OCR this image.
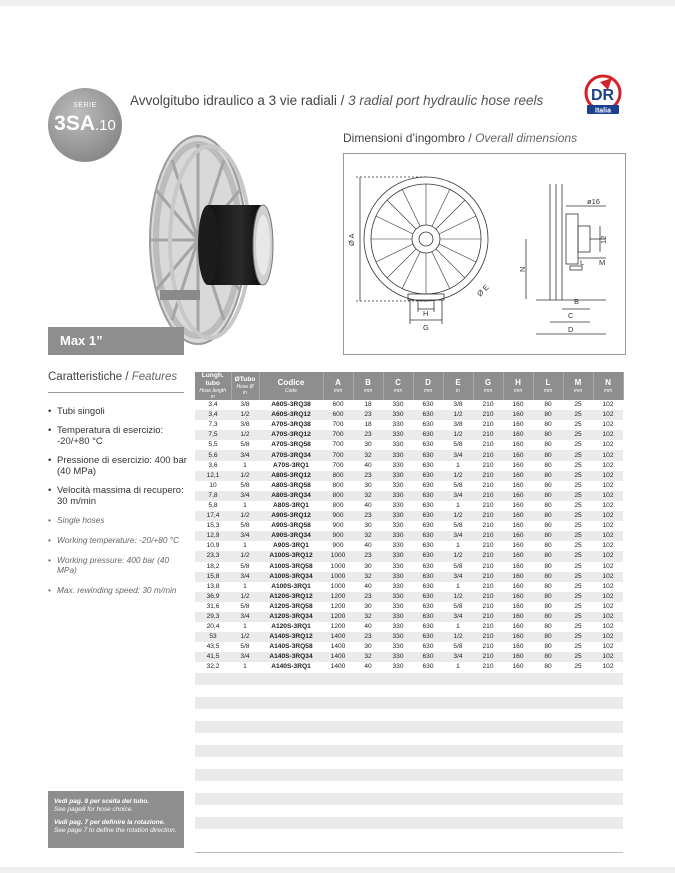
SERIE
3SA.10
Avvolgitubo idraulico a 3 vie radiali / 3 radial port hydraulic hose reels	DR
Italia
Dimensioni d’ingombro / Overall dimensions
Ø A
Ø E
G
H
N
B
C
D
L M
ø16
12
Max 1”
Caratteristiche / Features
• Tubi singoli
• Temperatura di esercizio: -20/+80 °C
• Pressione di esercizio: 400 bar (40 MPa)
• Velocità massima di recupero: 30 m/min
• Single hoses
• Working temperature: -20/+80 °C
• Working pressure: 400 bar (40 MPa)
• Max. rewinding speed: 30 m/min

Vedi pag. 8 per scelta del tubo.
See page8 for hose choice.

Vedi pag. 7 per definire la rotazione.
See page 7 to define the rotation direction.

Lungh. tubo
Hose length
m	ØTubo
Hose Ø
in	Codice
Code	A
mm	B
mm	C
mm	D
mm	E
in	G
mm	H
mm	L
mm	M
mm	N
mm

3,4	3/8	A60S-3RQ38	600	18	330	630	3/8	210	160	80	25	102
3,4	1/2	A60S-3RQ12	600	23	330	630	1/2	210	160	80	25	102
7,3	3/8	A70S-3RQ38	700	18	330	630	3/8	210	160	80	25	102
7,5	1/2	A70S-3RQ12	700	23	330	630	1/2	210	160	80	25	102
5,5	5/8	A70S-3RQ58	700	30	330	630	5/8	210	160	80	25	102
5,6	3/4	A70S-3RQ34	700	32	330	630	3/4	210	160	80	25	102
3,6	1	A70S-3RQ1	700	40	330	630	1	210	160	80	25	102
12,1	1/2	A80S-3RQ12	800	23	330	630	1/2	210	160	80	25	102
10	5/8	A80S-3RQ58	800	30	330	630	5/8	210	160	80	25	102
7,8	3/4	A80S-3RQ34	800	32	330	630	3/4	210	160	80	25	102
5,8	1	A80S-3RQ1	800	40	330	630	1	210	160	80	25	102
17,4	1/2	A90S-3RQ12	900	23	330	630	1/2	210	160	80	25	102
15,3	5/8	A90S-3RQ58	900	30	330	630	5/8	210	160	80	25	102
12,9	3/4	A90S-3RQ34	900	32	330	630	3/4	210	160	80	25	102
10,9	1	A90S-3RQ1	900	40	330	630	1	210	160	80	25	102
23,3	1/2	A100S-3RQ12	1000	23	330	630	1/2	210	160	80	25	102
18,2	5/8	A100S-3RQ58	1000	30	330	630	5/8	210	160	80	25	102
15,8	3/4	A100S-3RQ34	1000	32	330	630	3/4	210	160	80	25	102
13,8	1	A100S-3RQ1	1000	40	330	630	1	210	160	80	25	102
36,9	1/2	A120S-3RQ12	1200	23	330	630	1/2	210	160	80	25	102
31,6	5/8	A120S-3RQ58	1200	30	330	630	5/8	210	160	80	25	102
29,3	3/4	A120S-3RQ34	1200	32	330	630	3/4	210	160	80	25	102
20,4	1	A120S-3RQ1	1200	40	330	630	1	210	160	80	25	102
53	1/2	A140S-3RQ12	1400	23	330	630	1/2	210	160	80	25	102
43,5	5/8	A140S-3RQ58	1400	30	330	630	5/8	210	160	80	25	102
41,5	3/4	A140S-3RQ34	1400	32	330	630	3/4	210	160	80	25	102
32,2	1	A140S-3RQ1	1400	40	330	630	1	210	160	80	25	102
